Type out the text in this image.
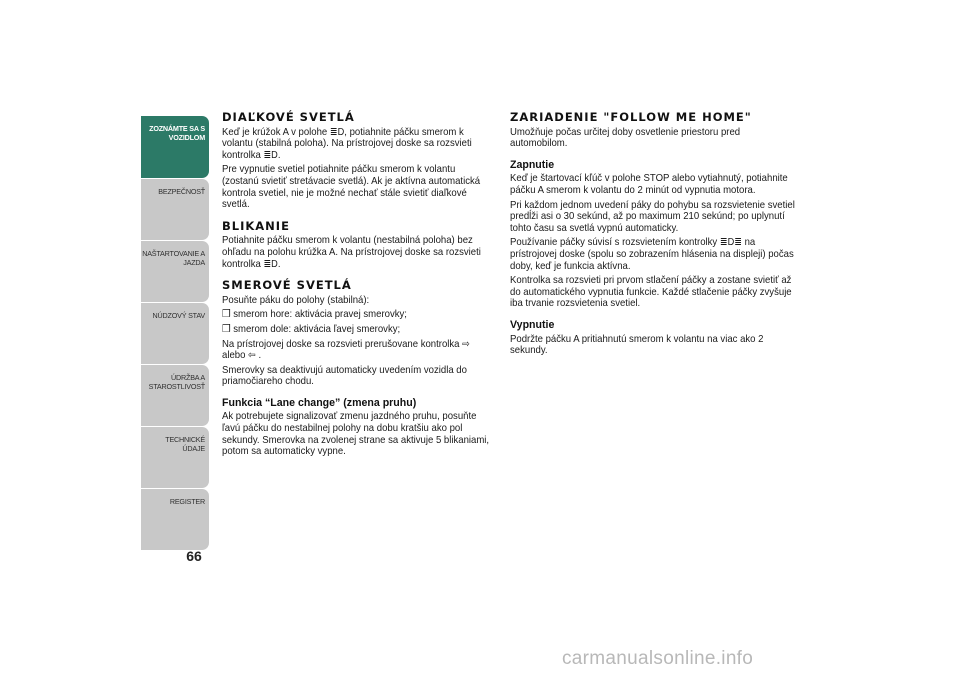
ZOZNÁMTE SA S VOZIDLOM
BEZPEČNOSŤ
NAŠTARTOVANIE A JAZDA
NÚDZOVÝ STAV
ÚDRŽBA A STAROSTLIVOSŤ
TECHNICKÉ ÚDAJE
REGISTER
66
DIAĽKOVÉ SVETLÁ

Keď je krúžok A v polohe ≣D, potiahnite páčku smerom k volantu (stabilná poloha). Na prístrojovej doske sa rozsvieti kontrolka ≣D.

Pre vypnutie svetiel potiahnite páčku smerom k volantu (zostanú svietiť stretávacie svetlá). Ak je aktívna automatická kontrola svetiel, nie je možné nechať stále svietiť diaľkové svetlá.

BLIKANIE

Potiahnite páčku smerom k volantu (nestabilná poloha) bez ohľadu na polohu krúžka A. Na prístrojovej doske sa rozsvieti kontrolka ≣D.

SMEROVÉ SVETLÁ

Posuňte páku do polohy (stabilná):

❒ smerom hore: aktivácia pravej smerovky;

❒ smerom dole: aktivácia ľavej smerovky;

Na prístrojovej doske sa rozsvieti prerušovane kontrolka ⇨ alebo ⇦ .

Smerovky sa deaktivujú automaticky uvedením vozidla do priamočiareho chodu.

Funkcia “Lane change” (zmena pruhu)

Ak potrebujete signalizovať zmenu jazdného pruhu, posuňte ľavú páčku do nestabilnej polohy na dobu kratšiu ako pol sekundy. Smerovka na zvolenej strane sa aktivuje 5 blikaniami, potom sa automaticky vypne.

ZARIADENIE "FOLLOW ME HOME"

Umožňuje počas určitej doby osvetlenie priestoru pred automobilom.

Zapnutie

Keď je štartovací kľúč v polohe STOP alebo vytiahnutý, potiahnite páčku A smerom k volantu do 2 minút od vypnutia motora.

Pri každom jednom uvedení páky do pohybu sa rozsvietenie svetiel predĺži asi o 30 sekúnd, až po maximum 210 sekúnd; po uplynutí tohto času sa svetlá vypnú automaticky.

Používanie páčky súvisí s rozsvietením kontrolky ≣D≣ na prístrojovej doske (spolu so zobrazením hlásenia na displeji) počas doby, keď je funkcia aktívna.

Kontrolka sa rozsvieti pri prvom stlačení páčky a zostane svietiť až do automatického vypnutia funkcie. Každé stlačenie páčky zvyšuje iba trvanie rozsvietenia svetiel.

Vypnutie

Podržte páčku A pritiahnutú smerom k volantu na viac ako 2 sekundy.

carmanualsonline.info
